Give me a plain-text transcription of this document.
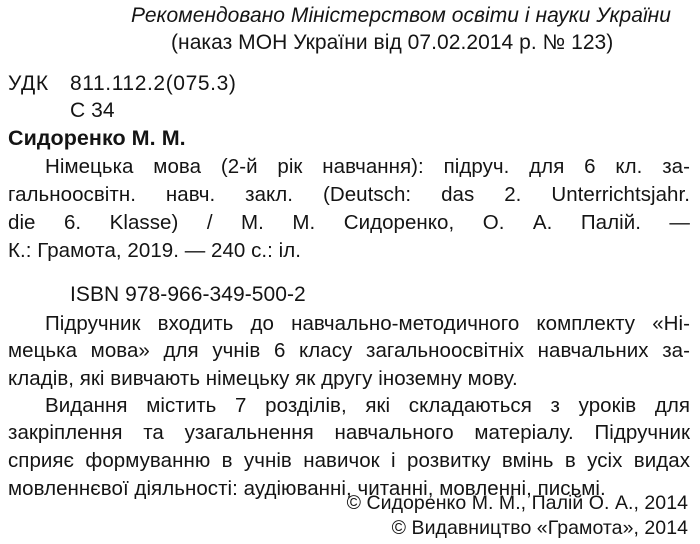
Рекомендовано Міністерством освіти і науки України
(наказ МОН України від 07.02.2014 р. № 123)
УДК 811.112.2(075.3)
С 34
Сидоренко М. М.
Німецька мова (2-й рік навчання): підруч. для 6 кл. за-
гальноосвітн. навч. закл. (Deutsch: das 2. Unterrichtsjahr.
die 6. Klasse) / М. М. Сидоренко, О. А. Палій. —
К.: Грамота, 2019. — 240 с.: іл.
ISBN 978-966-349-500-2
Підручник входить до навчально-методичного комплекту «Ні-
мецька мова» для учнів 6 класу загальноосвітніх навчальних за-
кладів, які вивчають німецьку як другу іноземну мову.
Видання містить 7 розділів, які складаються з уроків для
закріплення та узагальнення навчального матеріалу. Підручник
сприяє формуванню в учнів навичок і розвитку вмінь в усіх видах
мовленнєвої діяльності: аудіюванні, читанні, мовленні, письмі.
© Сидоренко М. М., Палій О. А., 2014
© Видавництво «Грамота», 2014
